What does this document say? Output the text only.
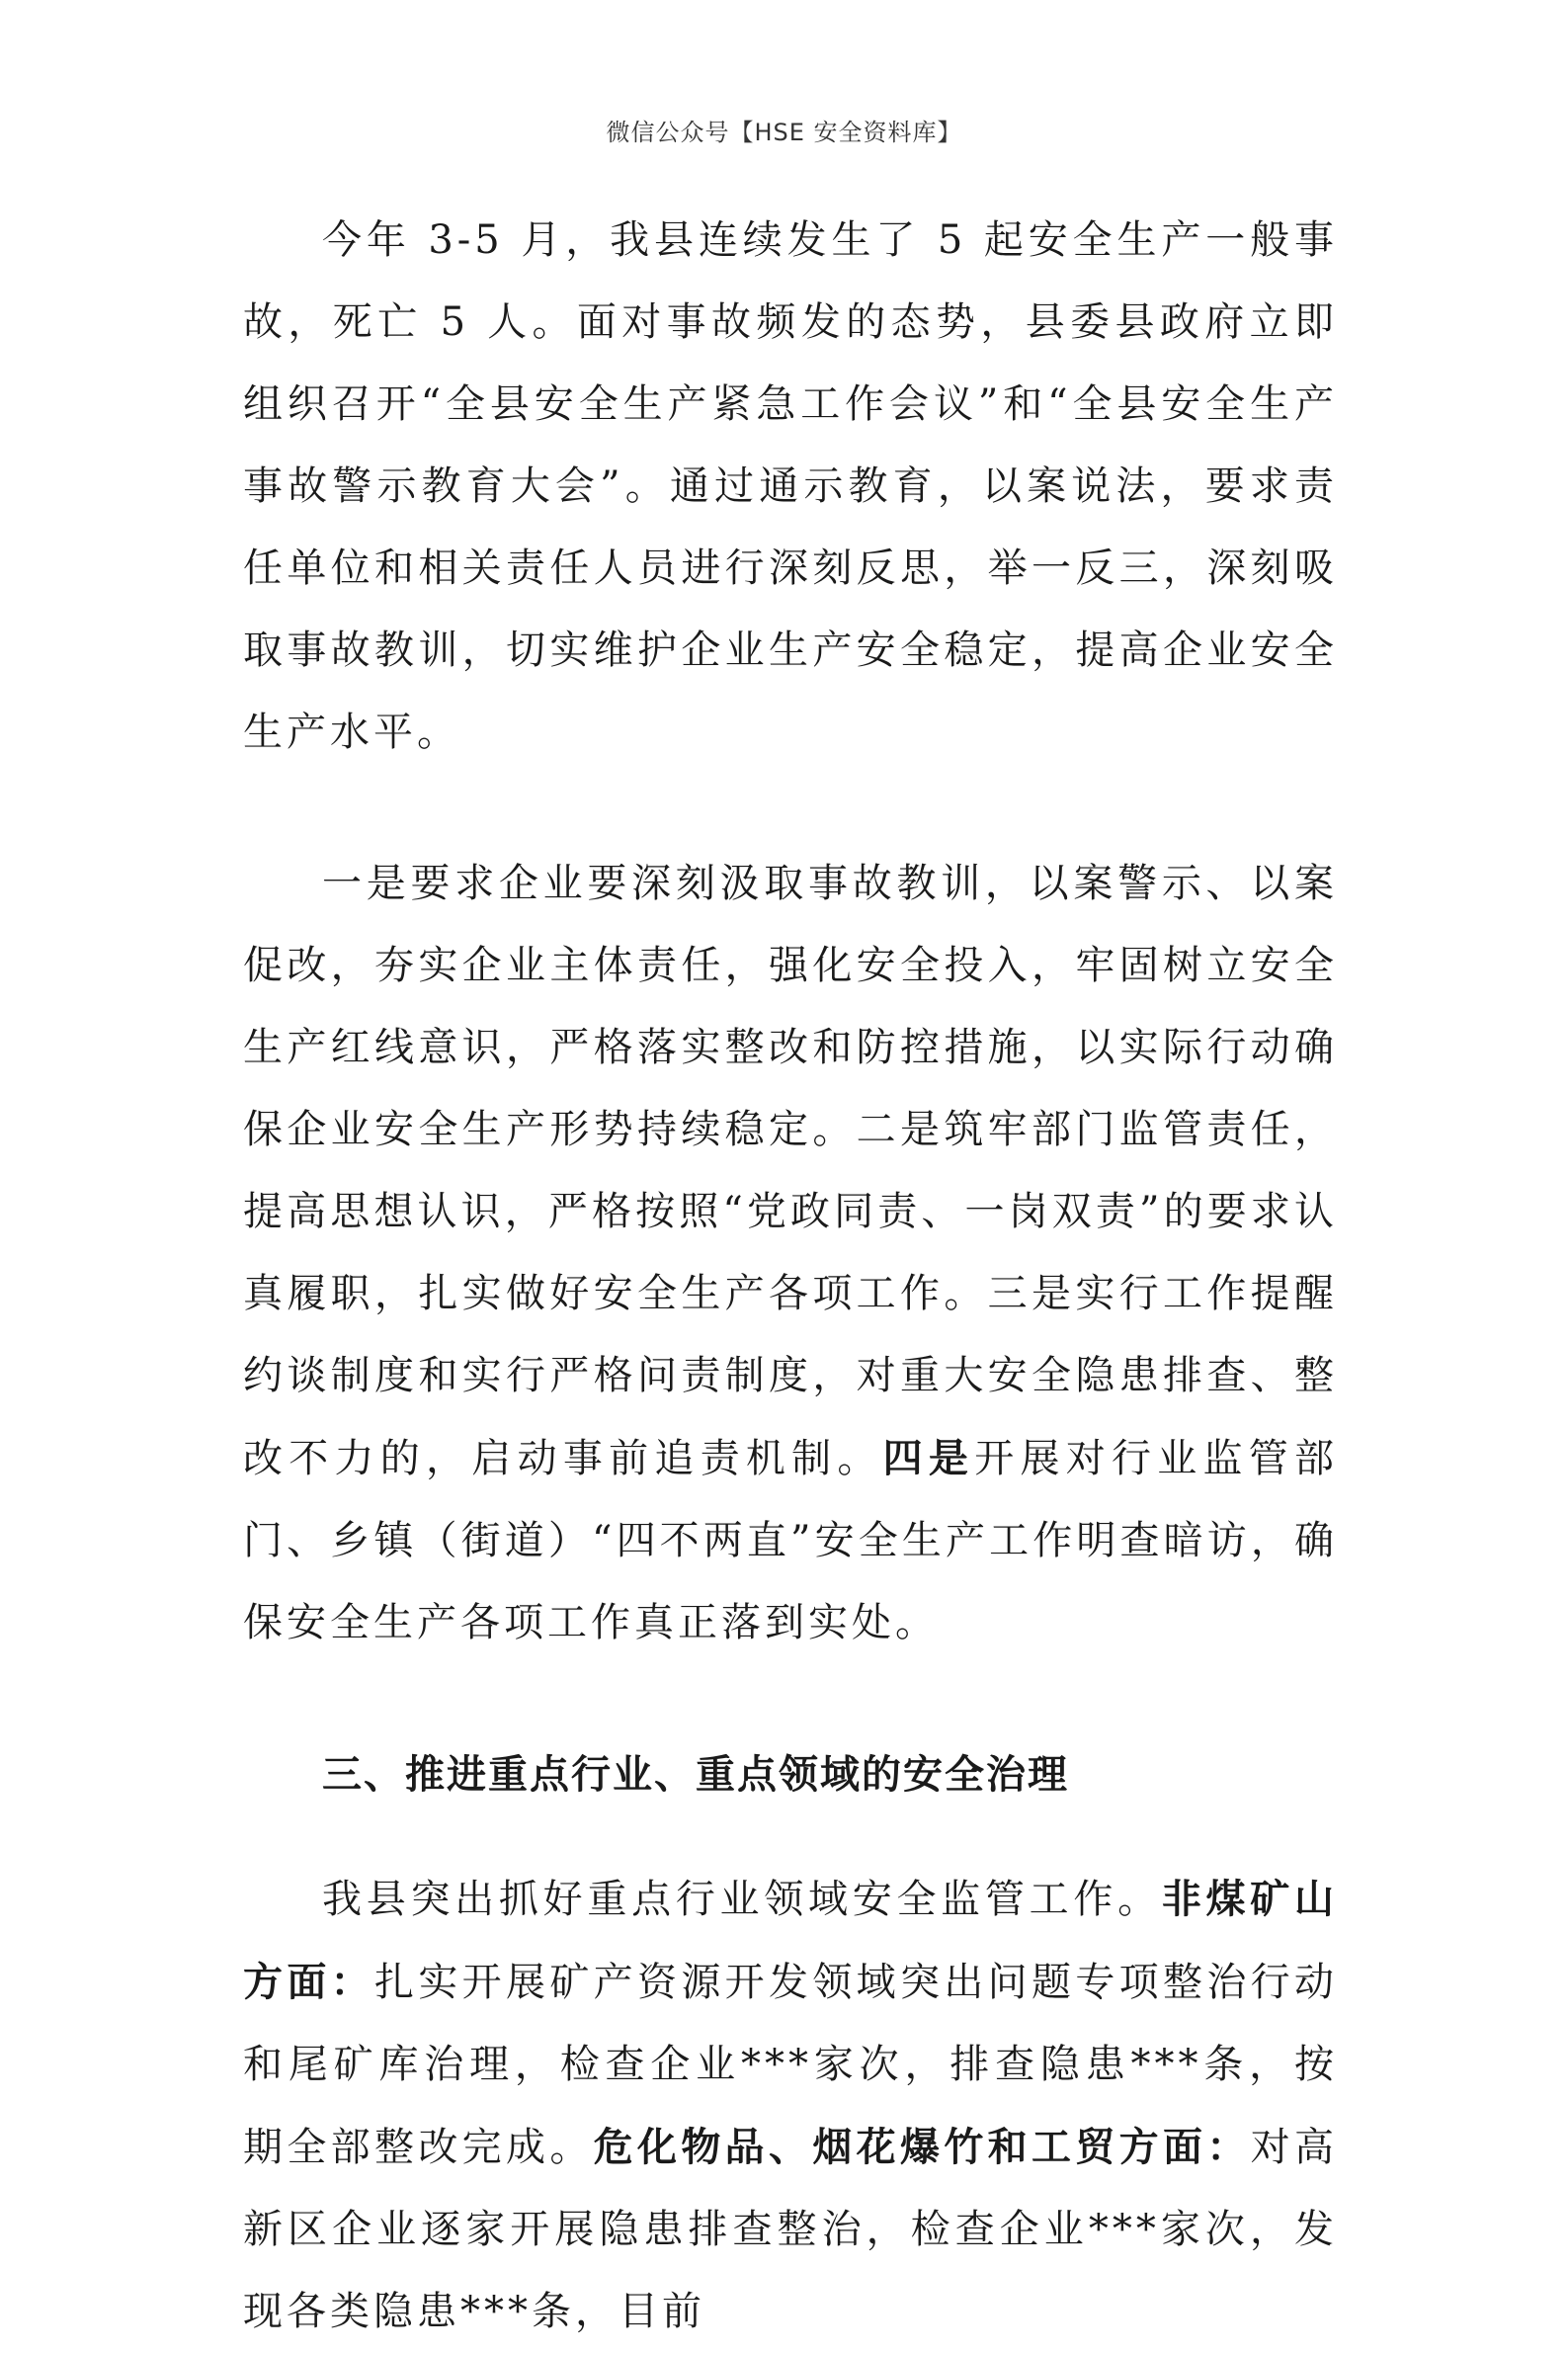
微信公众号【HSE 安全资料库】

今年 3-5 月，我县连续发生了 5 起安全生产一般事故，死亡 5 人。面对事故频发的态势，县委县政府立即组织召开“全县安全生产紧急工作会议”和“全县安全生产事故警示教育大会”。通过通示教育，以案说法，要求责任单位和相关责任人员进行深刻反思，举一反三，深刻吸取事故教训，切实维护企业生产安全稳定，提高企业安全生产水平。

一是要求企业要深刻汲取事故教训，以案警示、以案促改，夯实企业主体责任，强化安全投入，牢固树立安全生产红线意识，严格落实整改和防控措施，以实际行动确保企业安全生产形势持续稳定。二是筑牢部门监管责任，提高思想认识，严格按照“党政同责、一岗双责”的要求认真履职，扎实做好安全生产各项工作。三是实行工作提醒约谈制度和实行严格问责制度，对重大安全隐患排查、整改不力的，启动事前追责机制。四是开展对行业监管部门、乡镇（街道）“四不两直”安全生产工作明查暗访，确保安全生产各项工作真正落到实处。

三、推进重点行业、重点领域的安全治理

我县突出抓好重点行业领域安全监管工作。非煤矿山方面：扎实开展矿产资源开发领域突出问题专项整治行动和尾矿库治理，检查企业***家次，排查隐患***条，按期全部整改完成。危化物品、烟花爆竹和工贸方面：对高新区企业逐家开展隐患排查整治，检查企业***家次，发现各类隐患***条，目前
